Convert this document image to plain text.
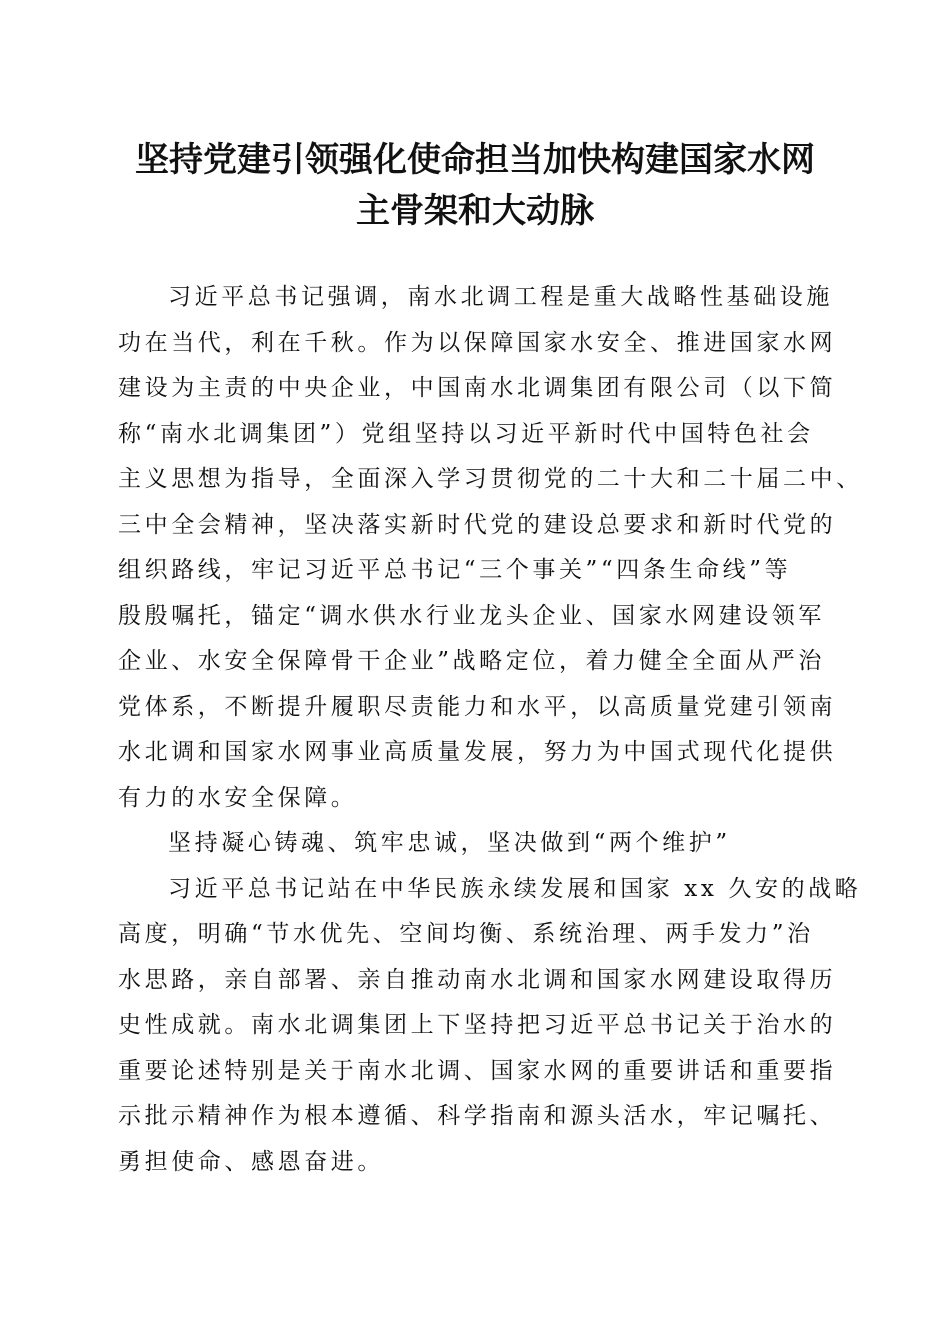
坚持党建引领强化使命担当加快构建国家水网
主骨架和大动脉
习近平总书记强调，南水北调工程是重大战略性基础设施
功在当代，利在千秋。作为以保障国家水安全、推进国家水网
建设为主责的中央企业，中国南水北调集团有限公司（以下简
称“南水北调集团”）党组坚持以习近平新时代中国特色社会
主义思想为指导，全面深入学习贯彻党的二十大和二十届二中、
三中全会精神，坚决落实新时代党的建设总要求和新时代党的
组织路线，牢记习近平总书记“三个事关”“四条生命线”等
殷殷嘱托，锚定“调水供水行业龙头企业、国家水网建设领军
企业、水安全保障骨干企业”战略定位，着力健全全面从严治
党体系，不断提升履职尽责能力和水平，以高质量党建引领南
水北调和国家水网事业高质量发展，努力为中国式现代化提供
有力的水安全保障。
坚持凝心铸魂、筑牢忠诚，坚决做到“两个维护”
习近平总书记站在中华民族永续发展和国家 xx 久安的战略
高度，明确“节水优先、空间均衡、系统治理、两手发力”治
水思路，亲自部署、亲自推动南水北调和国家水网建设取得历
史性成就。南水北调集团上下坚持把习近平总书记关于治水的
重要论述特别是关于南水北调、国家水网的重要讲话和重要指
示批示精神作为根本遵循、科学指南和源头活水，牢记嘱托、
勇担使命、感恩奋进。
